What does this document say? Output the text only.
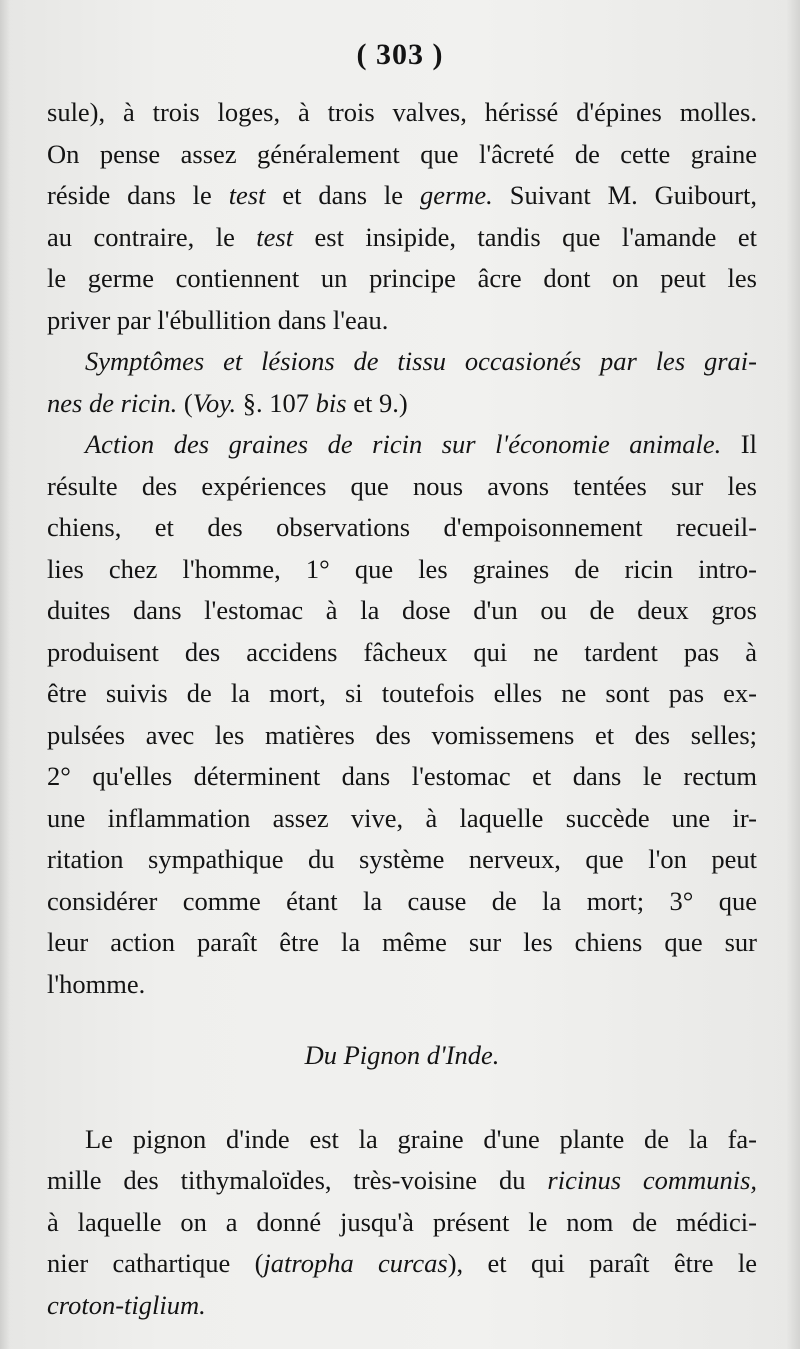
( 303 )
sule), à trois loges, à trois valves, hérissé d'épines molles.
On pense assez généralement que l'âcreté de cette graine
réside dans le test et dans le germe. Suivant M. Guibourt,
au contraire, le test est insipide, tandis que l'amande et
le germe contiennent un principe âcre dont on peut les
priver par l'ébullition dans l'eau.
Symptômes et lésions de tissu occasionés par les grai-
nes de ricin. (Voy. §. 107 bis et 9.)
Action des graines de ricin sur l'économie animale. Il
résulte des expériences que nous avons tentées sur les
chiens, et des observations d'empoisonnement recueil-
lies chez l'homme, 1° que les graines de ricin intro-
duites dans l'estomac à la dose d'un ou de deux gros
produisent des accidens fâcheux qui ne tardent pas à
être suivis de la mort, si toutefois elles ne sont pas ex-
pulsées avec les matières des vomissemens et des selles;
2° qu'elles déterminent dans l'estomac et dans le rectum
une inflammation assez vive, à laquelle succède une ir-
ritation sympathique du système nerveux, que l'on peut
considérer comme étant la cause de la mort; 3° que
leur action paraît être la même sur les chiens que sur
l'homme.
Du Pignon d'Inde.
Le pignon d'inde est la graine d'une plante de la fa-
mille des tithymaloïdes, très-voisine du ricinus communis,
à laquelle on a donné jusqu'à présent le nom de médici-
nier cathartique (jatropha curcas), et qui paraît être le
croton-tiglium.
